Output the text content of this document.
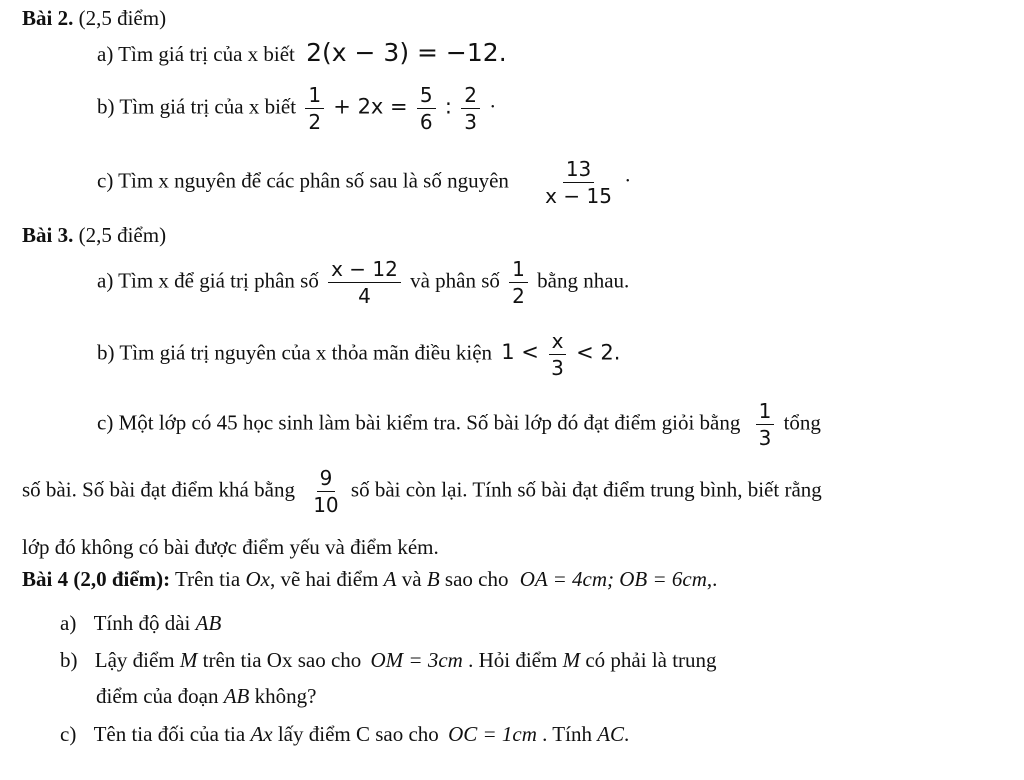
Bài 2. (2,5 điểm)
a) Tìm giá trị của x biết 2(x − 3) = −12.
b) Tìm giá trị của x biết $\frac{1}{2} + 2x = \frac{5}{6}$ : $\frac{2}{3}$ ·
c) Tìm x nguyên để các phân số sau là số nguyên $\frac{13}{x - 15}$ ·
Bài 3. (2,5 điểm)
a) Tìm x để giá trị phân số $\frac{x - 12}{4}$ và phân số $\frac{1}{2}$ bằng nhau.
b) Tìm giá trị nguyên của x thỏa mãn điều kiện $1 < \frac{x}{3} < 2$.
c) Một lớp có 45 học sinh làm bài kiểm tra. Số bài lớp đó đạt điểm giỏi bằng $\frac{1}{3}$ tổng
số bài. Số bài đạt điểm khá bằng $\frac{9}{10}$ số bài còn lại. Tính số bài đạt điểm trung bình, biết rằng
lớp đó không có bài được điểm yếu và điểm kém.
Bài 4 (2,0 điểm): Trên tia Ox, vẽ hai điểm A và B sao cho OA = 4cm; OB = 6cm,.
a) Tính độ dài AB
b) Lậy điểm M trên tia Ox sao cho OM = 3cm . Hỏi điểm M có phải là trung
điểm của đoạn AB không?
c) Tên tia đối của tia Ax lấy điểm C sao cho OC = 1cm . Tính AC.
